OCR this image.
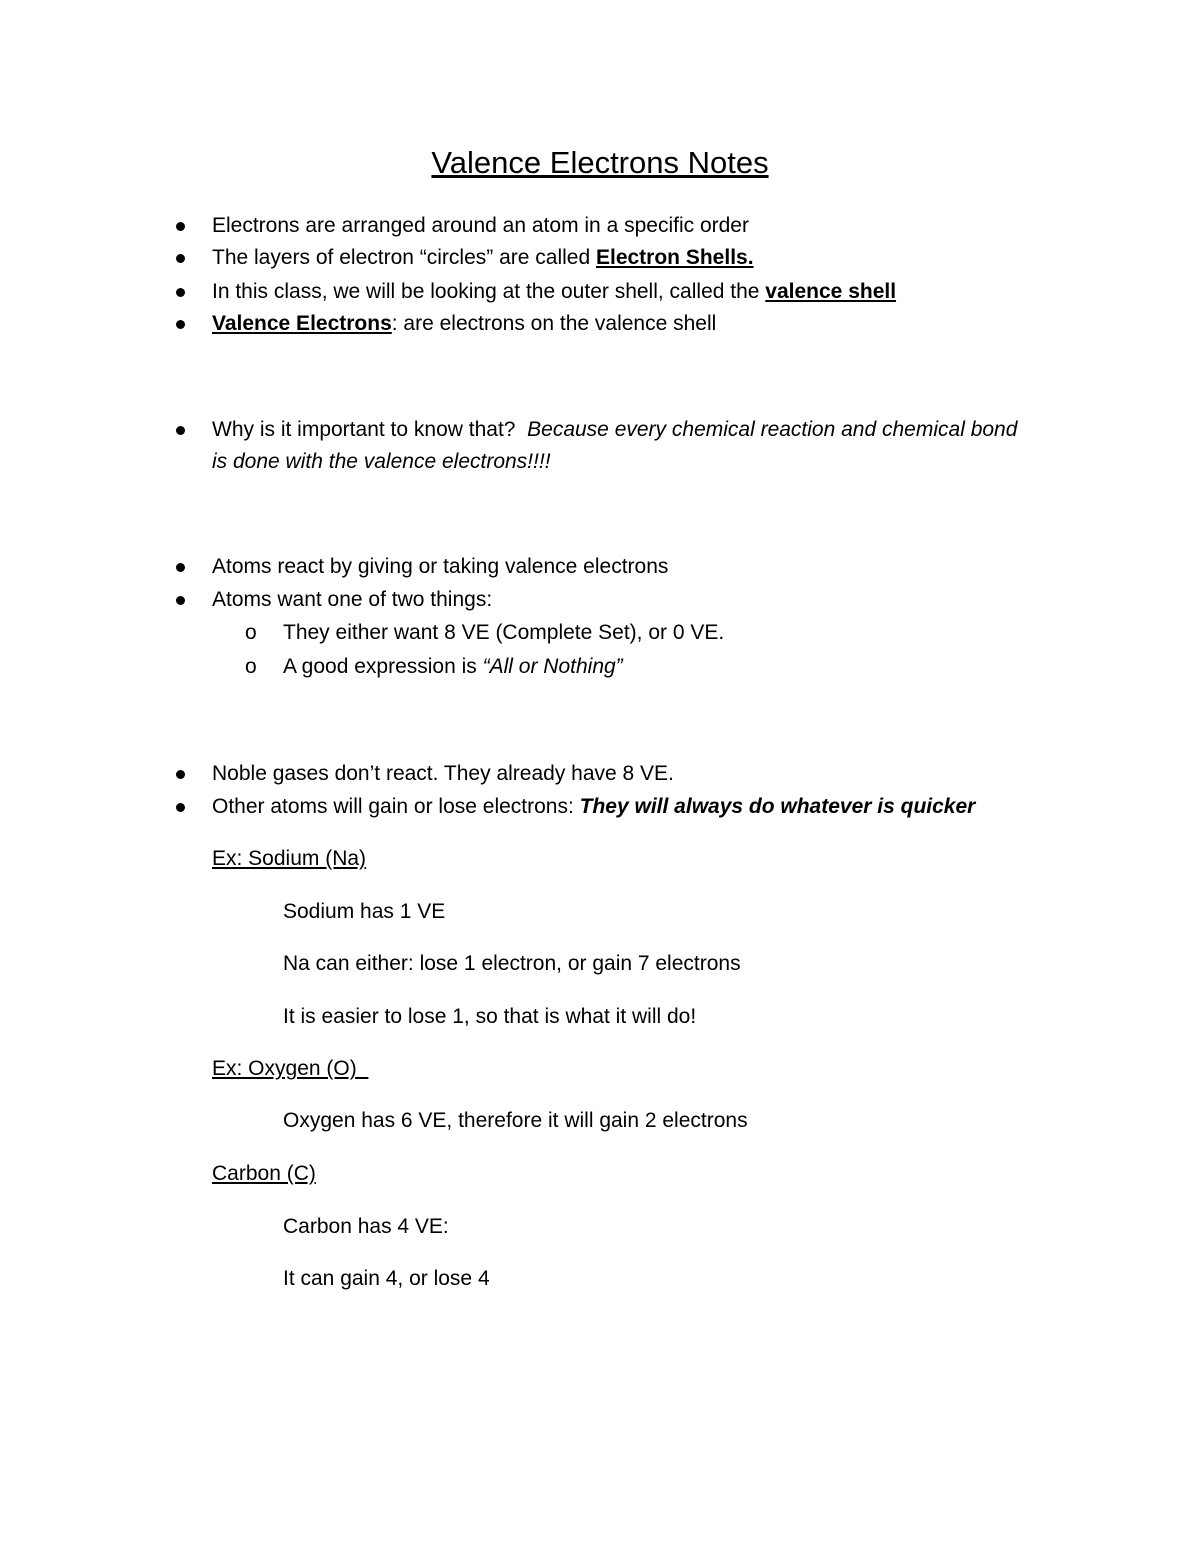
Valence Electrons Notes
Electrons are arranged around an atom in a specific order
The layers of electron “circles” are called Electron Shells.
In this class, we will be looking at the outer shell, called the valence shell
Valence Electrons: are electrons on the valence shell
Why is it important to know that? Because every chemical reaction and chemical bond
is done with the valence electrons!!!!
Atoms react by giving or taking valence electrons
Atoms want one of two things:
o They either want 8 VE (Complete Set), or 0 VE.
o A good expression is “All or Nothing”
Noble gases don’t react. They already have 8 VE.
Other atoms will gain or lose electrons: They will always do whatever is quicker
Ex: Sodium (Na)
Sodium has 1 VE
Na can either: lose 1 electron, or gain 7 electrons
It is easier to lose 1, so that is what it will do!
Ex: Oxygen (O)
Oxygen has 6 VE, therefore it will gain 2 electrons
Carbon (C)
Carbon has 4 VE:
It can gain 4, or lose 4
